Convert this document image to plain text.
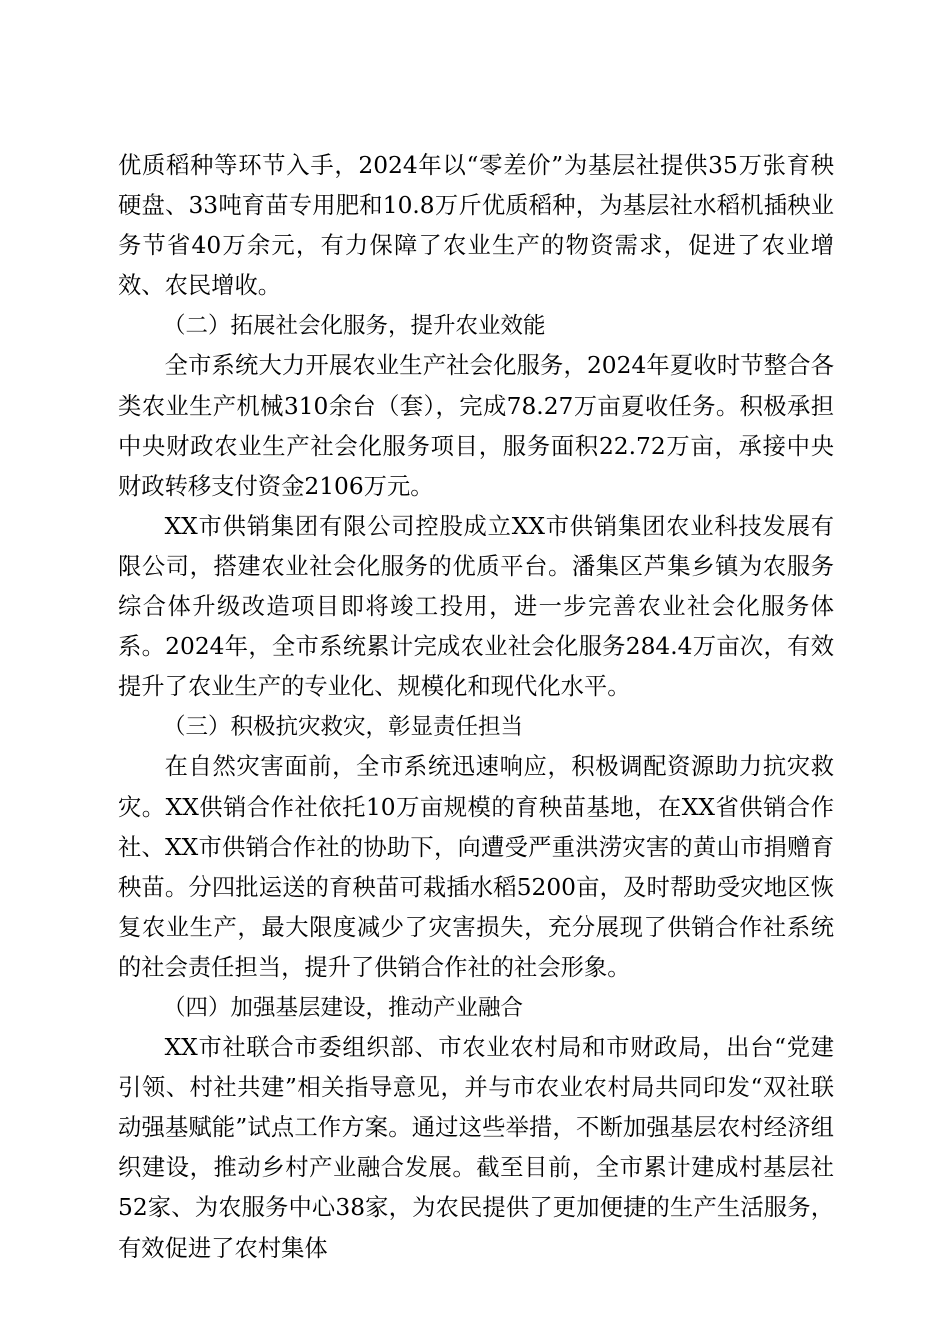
优质稻种等环节入手，2024年以“零差价”为基层社提供35万张育秧硬盘、33吨育苗专用肥和10.8万斤优质稻种，为基层社水稻机插秧业务节省40万余元，有力保障了农业生产的物资需求，促进了农业增效、农民增收。

（二）拓展社会化服务，提升农业效能

全市系统大力开展农业生产社会化服务，2024年夏收时节整合各类农业生产机械310余台（套），完成78.27万亩夏收任务。积极承担中央财政农业生产社会化服务项目，服务面积22.72万亩，承接中央财政转移支付资金2106万元。

XX市供销集团有限公司控股成立XX市供销集团农业科技发展有限公司，搭建农业社会化服务的优质平台。潘集区芦集乡镇为农服务综合体升级改造项目即将竣工投用，进一步完善农业社会化服务体系。2024年，全市系统累计完成农业社会化服务284.4万亩次，有效提升了农业生产的专业化、规模化和现代化水平。

（三）积极抗灾救灾，彰显责任担当

在自然灾害面前，全市系统迅速响应，积极调配资源助力抗灾救灾。XX供销合作社依托10万亩规模的育秧苗基地，在XX省供销合作社、XX市供销合作社的协助下，向遭受严重洪涝灾害的黄山市捐赠育秧苗。分四批运送的育秧苗可栽插水稻5200亩，及时帮助受灾地区恢复农业生产，最大限度减少了灾害损失，充分展现了供销合作社系统的社会责任担当，提升了供销合作社的社会形象。

（四）加强基层建设，推动产业融合

XX市社联合市委组织部、市农业农村局和市财政局，出台“党建引领、村社共建”相关指导意见，并与市农业农村局共同印发“双社联动强基赋能”试点工作方案。通过这些举措，不断加强基层农村经济组织建设，推动乡村产业融合发展。截至目前，全市累计建成村基层社52家、为农服务中心38家，为农民提供了更加便捷的生产生活服务，有效促进了农村集体
